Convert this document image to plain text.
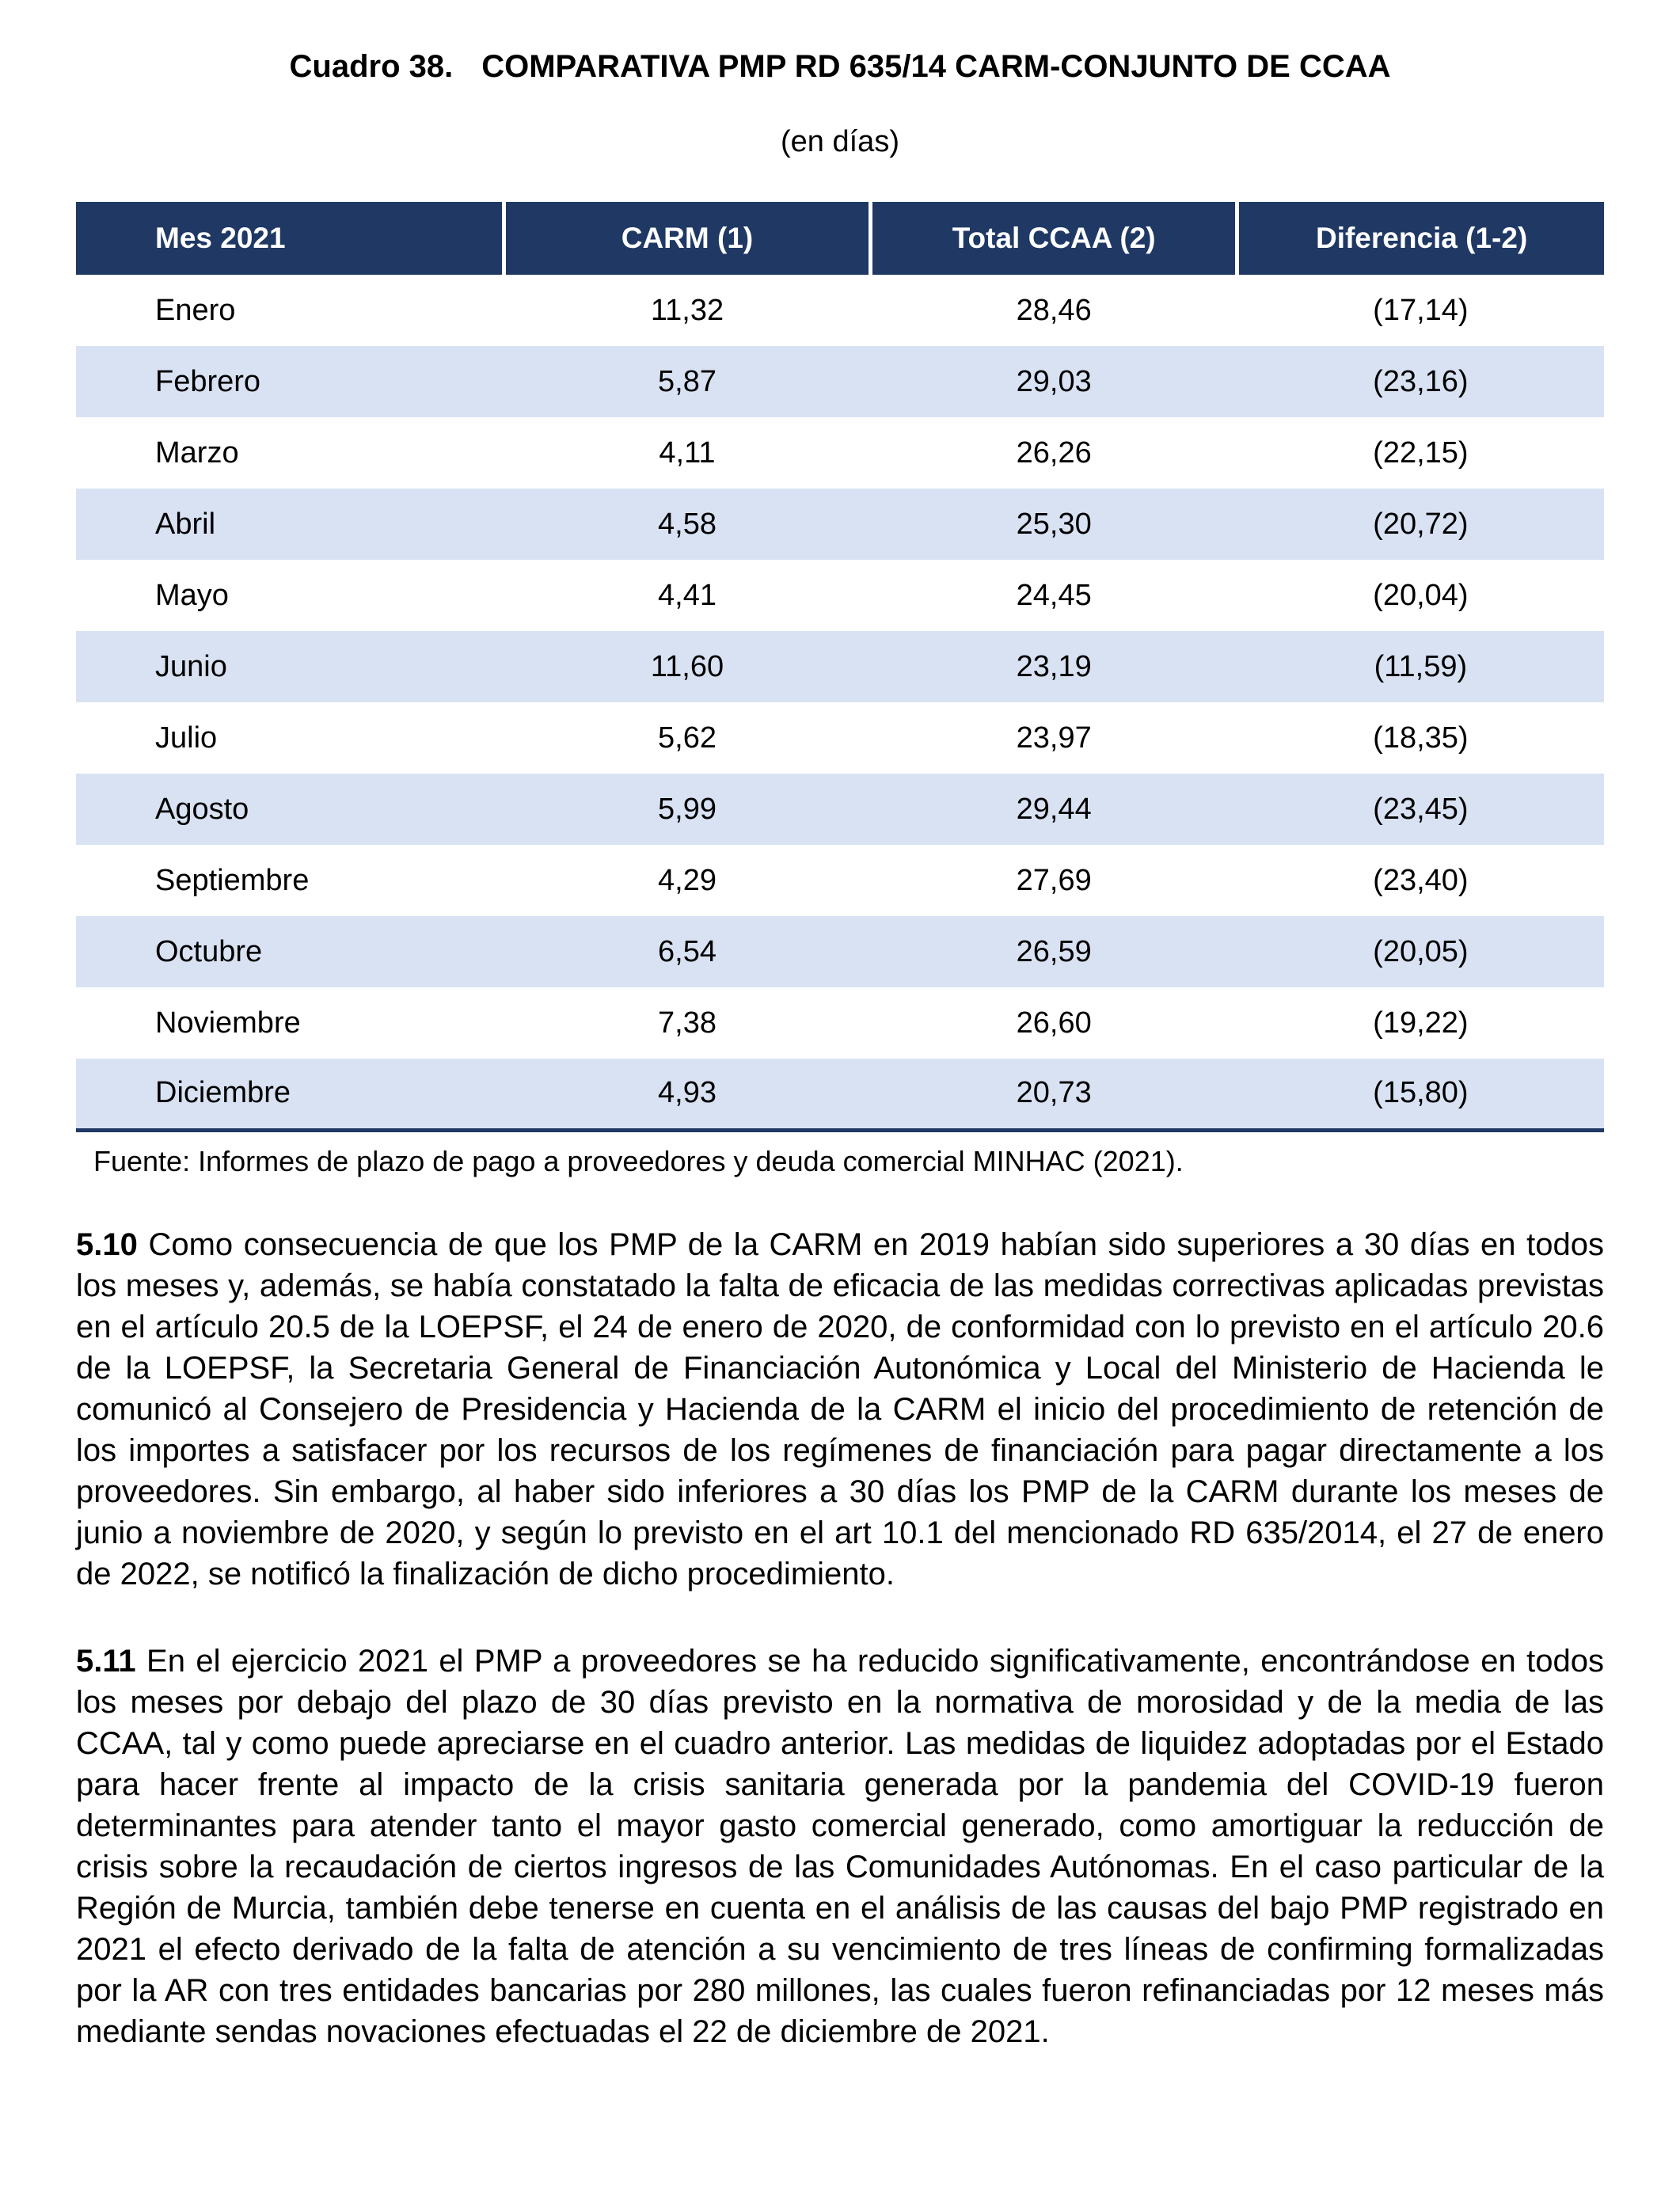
Cuadro 38. COMPARATIVA PMP RD 635/14 CARM-CONJUNTO DE CCAA
(en días)
Mes 2021	CARM (1)	Total CCAA (2)	Diferencia (1-2)
Enero	11,32	28,46	(17,14)
Febrero	5,87	29,03	(23,16)
Marzo	4,11	26,26	(22,15)
Abril	4,58	25,30	(20,72)
Mayo	4,41	24,45	(20,04)
Junio	11,60	23,19	(11,59)
Julio	5,62	23,97	(18,35)
Agosto	5,99	29,44	(23,45)
Septiembre	4,29	27,69	(23,40)
Octubre	6,54	26,59	(20,05)
Noviembre	7,38	26,60	(19,22)
Diciembre	4,93	20,73	(15,80)
Fuente: Informes de plazo de pago a proveedores y deuda comercial MINHAC (2021).

5.10 Como consecuencia de que los PMP de la CARM en 2019 habían sido superiores a 30 días en todos los meses y, además, se había constatado la falta de eficacia de las medidas correctivas aplicadas previstas en el artículo 20.5 de la LOEPSF, el 24 de enero de 2020, de conformidad con lo previsto en el artículo 20.6 de la LOEPSF, la Secretaria General de Financiación Autonómica y Local del Ministerio de Hacienda le comunicó al Consejero de Presidencia y Hacienda de la CARM el inicio del procedimiento de retención de los importes a satisfacer por los recursos de los regímenes de financiación para pagar directamente a los proveedores. Sin embargo, al haber sido inferiores a 30 días los PMP de la CARM durante los meses de junio a noviembre de 2020, y según lo previsto en el art 10.1 del mencionado RD 635/2014, el 27 de enero de 2022, se notificó la finalización de dicho procedimiento.

5.11 En el ejercicio 2021 el PMP a proveedores se ha reducido significativamente, encontrándose en todos los meses por debajo del plazo de 30 días previsto en la normativa de morosidad y de la media de las CCAA, tal y como puede apreciarse en el cuadro anterior. Las medidas de liquidez adoptadas por el Estado para hacer frente al impacto de la crisis sanitaria generada por la pandemia del COVID-19 fueron determinantes para atender tanto el mayor gasto comercial generado, como amortiguar la reducción de crisis sobre la recaudación de ciertos ingresos de las Comunidades Autónomas. En el caso particular de la Región de Murcia, también debe tenerse en cuenta en el análisis de las causas del bajo PMP registrado en 2021 el efecto derivado de la falta de atención a su vencimiento de tres líneas de confirming formalizadas por la AR con tres entidades bancarias por 280 millones, las cuales fueron refinanciadas por 12 meses más mediante sendas novaciones efectuadas el 22 de diciembre de 2021.
